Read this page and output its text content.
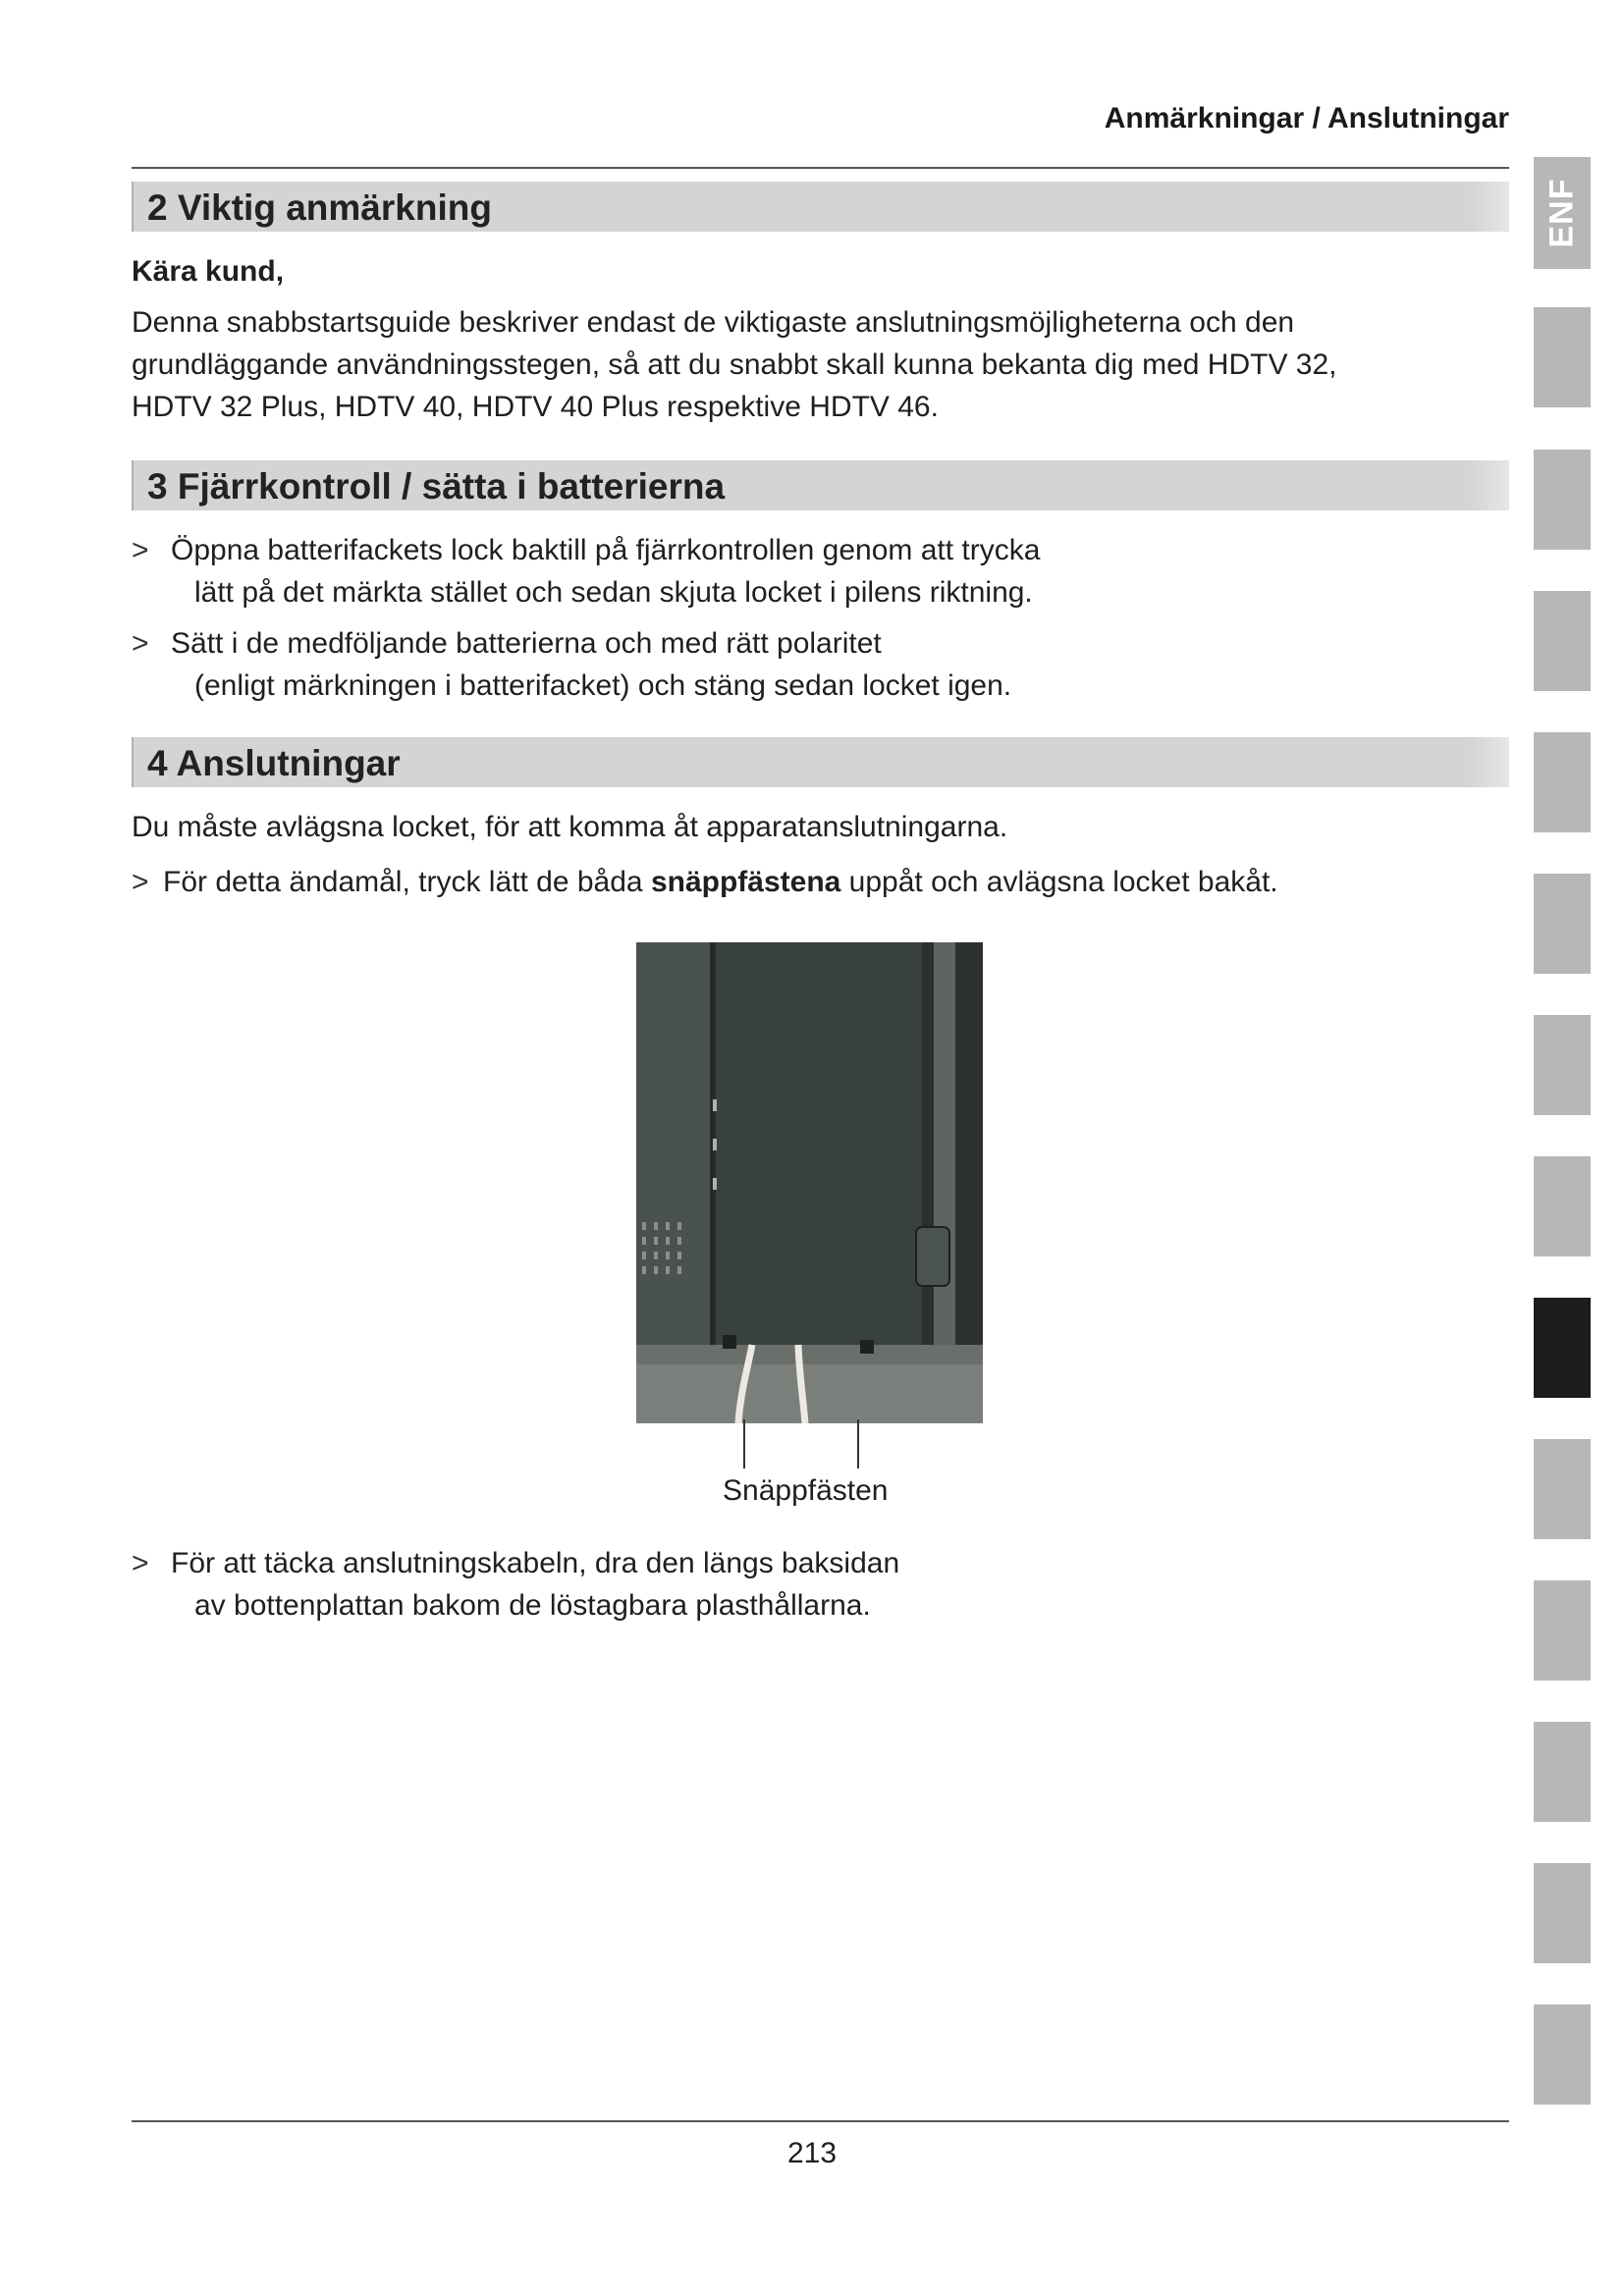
Anmärkningar / Anslutningar
2 Viktig anmärkning
Kära kund,
Denna snabbstartsguide beskriver endast de viktigaste anslutningsmöjligheterna och den
grundläggande användningsstegen, så att du snabbt skall kunna bekanta dig med HDTV 32,
HDTV 32 Plus, HDTV 40, HDTV 40 Plus respektive HDTV 46.
3 Fjärrkontroll / sätta i batterierna
> Öppna batterifackets lock baktill på fjärrkontrollen genom att trycka
lätt på det märkta stället och sedan skjuta locket i pilens riktning.
> Sätt i de medföljande batterierna och med rätt polaritet
(enligt märkningen i batterifacket) och stäng sedan locket igen.
4 Anslutningar
Du måste avlägsna locket, för att komma åt apparatanslutningarna.
> För detta ändamål, tryck lätt de båda snäppfästena uppåt och avlägsna locket bakåt.
Snäppfästen
> För att täcka anslutningskabeln, dra den längs baksidan
av bottenplattan bakom de löstagbara plasthållarna.
ENF
213
